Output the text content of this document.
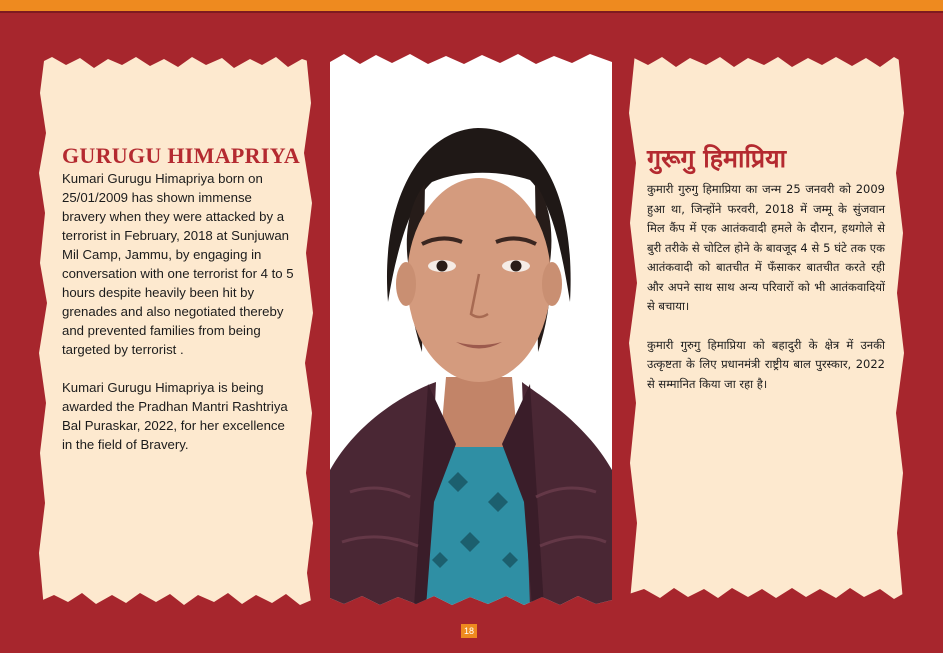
GURUGU HIMAPRIYA

Kumari Gurugu Himapriya born on 25/01/2009 has shown immense bravery when they were attacked by a terrorist in February, 2018 at Sunjuwan Mil Camp, Jammu, by engaging in conversation with one terrorist for 4 to 5 hours despite heavily been hit by grenades and also negotiated thereby and prevented families from being targeted by terrorist .

Kumari Gurugu Himapriya is being awarded the Pradhan Mantri Rashtriya Bal Puraskar, 2022, for her excellence in the field of Bravery.

गुरूगु हिमाप्रिया

कुमारी गुरुगु हिमाप्रिया का जन्म 25 जनवरी को 2009 हुआ था, जिन्होंने फरवरी, 2018 में जम्मू के सुंजवान मिल कैंप में एक आतंकवादी हमले के दौरान, हथगोले से बुरी तरीके से चोटिल होने के बावजूद 4 से 5 घंटे तक एक आतंकवादी को बातचीत में फँसाकर बातचीत करते रही और अपने साथ साथ अन्य परिवारों को भी आतंकवादियों से बचाया।

कुमारी गुरुगु हिमाप्रिया को बहादुरी के क्षेत्र में उनकी उत्कृष्टता के लिए प्रधानमंत्री राष्ट्रीय बाल पुरस्कार, 2022 से सम्मानित किया जा रहा है।

18
